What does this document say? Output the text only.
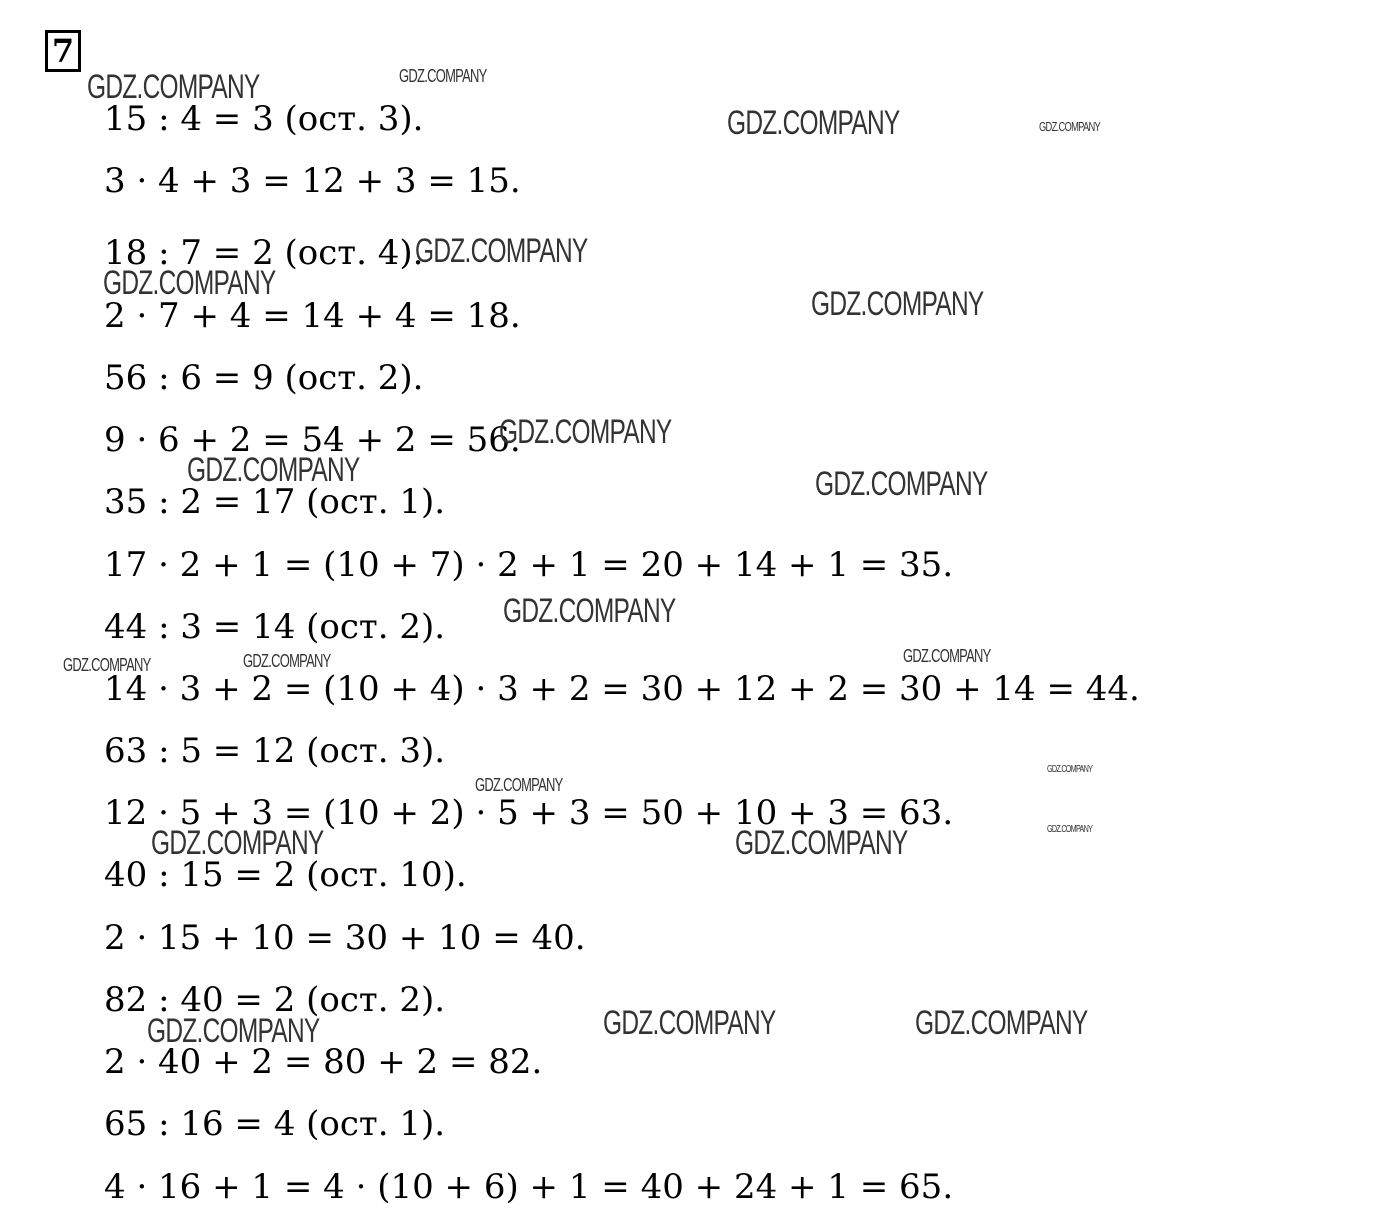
7
15 : 4 = 3 (ост. 3).
3 · 4 + 3 = 12 + 3 = 15.
18 : 7 = 2 (ост. 4).
2 · 7 + 4 = 14 + 4 = 18.
56 : 6 = 9 (ост. 2).
9 · 6 + 2 = 54 + 2 = 56.
35 : 2 = 17 (ост. 1).
17 · 2 + 1 = (10 + 7) · 2 + 1 = 20 + 14 + 1 = 35.
44 : 3 = 14 (ост. 2).
14 · 3 + 2 = (10 + 4) · 3 + 2 = 30 + 12 + 2 = 30 + 14 = 44.
63 : 5 = 12 (ост. 3).
12 · 5 + 3 = (10 + 2) · 5 + 3 = 50 + 10 + 3 = 63.
40 : 15 = 2 (ост. 10).
2 · 15 + 10 = 30 + 10 = 40.
82 : 40 = 2 (ост. 2).
2 · 40 + 2 = 80 + 2 = 82.
65 : 16 = 4 (ост. 1).
4 · 16 + 1 = 4 · (10 + 6) + 1 = 40 + 24 + 1 = 65.
GDZ.COMPANY	GDZ.COMPANY
GDZ.COMPANY	GDZ.COMPANY
GDZ.COMPANY
GDZ.COMPANY
GDZ.COMPANY
GDZ.COMPANY
GDZ.COMPANY	GDZ.COMPANY
GDZ.COMPANY
GDZ.COMPANY
GDZ.COMPANY	GDZ.COMPANY
GDZ.COMPANY
GDZ.COMPANY
GDZ.COMPANY
GDZ.COMPANY	GDZ.COMPANY
GDZ.COMPANY	GDZ.COMPANY
GDZ.COMPANY
